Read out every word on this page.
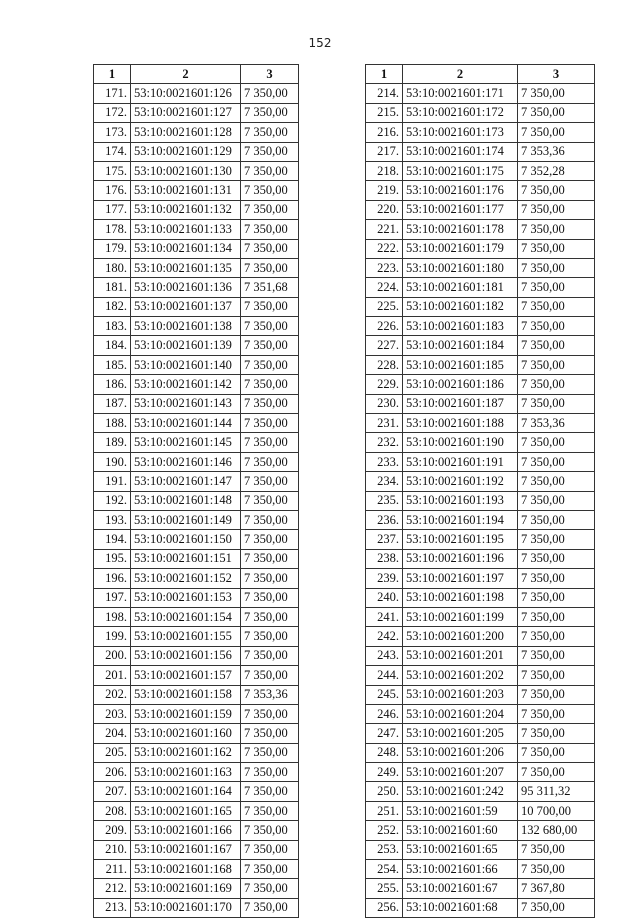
152
1	2	3
171.	53:10:0021601:126	7 350,00
172.	53:10:0021601:127	7 350,00
173.	53:10:0021601:128	7 350,00
174.	53:10:0021601:129	7 350,00
175.	53:10:0021601:130	7 350,00
176.	53:10:0021601:131	7 350,00
177.	53:10:0021601:132	7 350,00
178.	53:10:0021601:133	7 350,00
179.	53:10:0021601:134	7 350,00
180.	53:10:0021601:135	7 350,00
181.	53:10:0021601:136	7 351,68
182.	53:10:0021601:137	7 350,00
183.	53:10:0021601:138	7 350,00
184.	53:10:0021601:139	7 350,00
185.	53:10:0021601:140	7 350,00
186.	53:10:0021601:142	7 350,00
187.	53:10:0021601:143	7 350,00
188.	53:10:0021601:144	7 350,00
189.	53:10:0021601:145	7 350,00
190.	53:10:0021601:146	7 350,00
191.	53:10:0021601:147	7 350,00
192.	53:10:0021601:148	7 350,00
193.	53:10:0021601:149	7 350,00
194.	53:10:0021601:150	7 350,00
195.	53:10:0021601:151	7 350,00
196.	53:10:0021601:152	7 350,00
197.	53:10:0021601:153	7 350,00
198.	53:10:0021601:154	7 350,00
199.	53:10:0021601:155	7 350,00
200.	53:10:0021601:156	7 350,00
201.	53:10:0021601:157	7 350,00
202.	53:10:0021601:158	7 353,36
203.	53:10:0021601:159	7 350,00
204.	53:10:0021601:160	7 350,00
205.	53:10:0021601:162	7 350,00
206.	53:10:0021601:163	7 350,00
207.	53:10:0021601:164	7 350,00
208.	53:10:0021601:165	7 350,00
209.	53:10:0021601:166	7 350,00
210.	53:10:0021601:167	7 350,00
211.	53:10:0021601:168	7 350,00
212.	53:10:0021601:169	7 350,00
213.	53:10:0021601:170	7 350,00
1	2	3
214.	53:10:0021601:171	7 350,00
215.	53:10:0021601:172	7 350,00
216.	53:10:0021601:173	7 350,00
217.	53:10:0021601:174	7 353,36
218.	53:10:0021601:175	7 352,28
219.	53:10:0021601:176	7 350,00
220.	53:10:0021601:177	7 350,00
221.	53:10:0021601:178	7 350,00
222.	53:10:0021601:179	7 350,00
223.	53:10:0021601:180	7 350,00
224.	53:10:0021601:181	7 350,00
225.	53:10:0021601:182	7 350,00
226.	53:10:0021601:183	7 350,00
227.	53:10:0021601:184	7 350,00
228.	53:10:0021601:185	7 350,00
229.	53:10:0021601:186	7 350,00
230.	53:10:0021601:187	7 350,00
231.	53:10:0021601:188	7 353,36
232.	53:10:0021601:190	7 350,00
233.	53:10:0021601:191	7 350,00
234.	53:10:0021601:192	7 350,00
235.	53:10:0021601:193	7 350,00
236.	53:10:0021601:194	7 350,00
237.	53:10:0021601:195	7 350,00
238.	53:10:0021601:196	7 350,00
239.	53:10:0021601:197	7 350,00
240.	53:10:0021601:198	7 350,00
241.	53:10:0021601:199	7 350,00
242.	53:10:0021601:200	7 350,00
243.	53:10:0021601:201	7 350,00
244.	53:10:0021601:202	7 350,00
245.	53:10:0021601:203	7 350,00
246.	53:10:0021601:204	7 350,00
247.	53:10:0021601:205	7 350,00
248.	53:10:0021601:206	7 350,00
249.	53:10:0021601:207	7 350,00
250.	53:10:0021601:242	95 311,32
251.	53:10:0021601:59	10 700,00
252.	53:10:0021601:60	132 680,00
253.	53:10:0021601:65	7 350,00
254.	53:10:0021601:66	7 350,00
255.	53:10:0021601:67	7 367,80
256.	53:10:0021601:68	7 350,00
